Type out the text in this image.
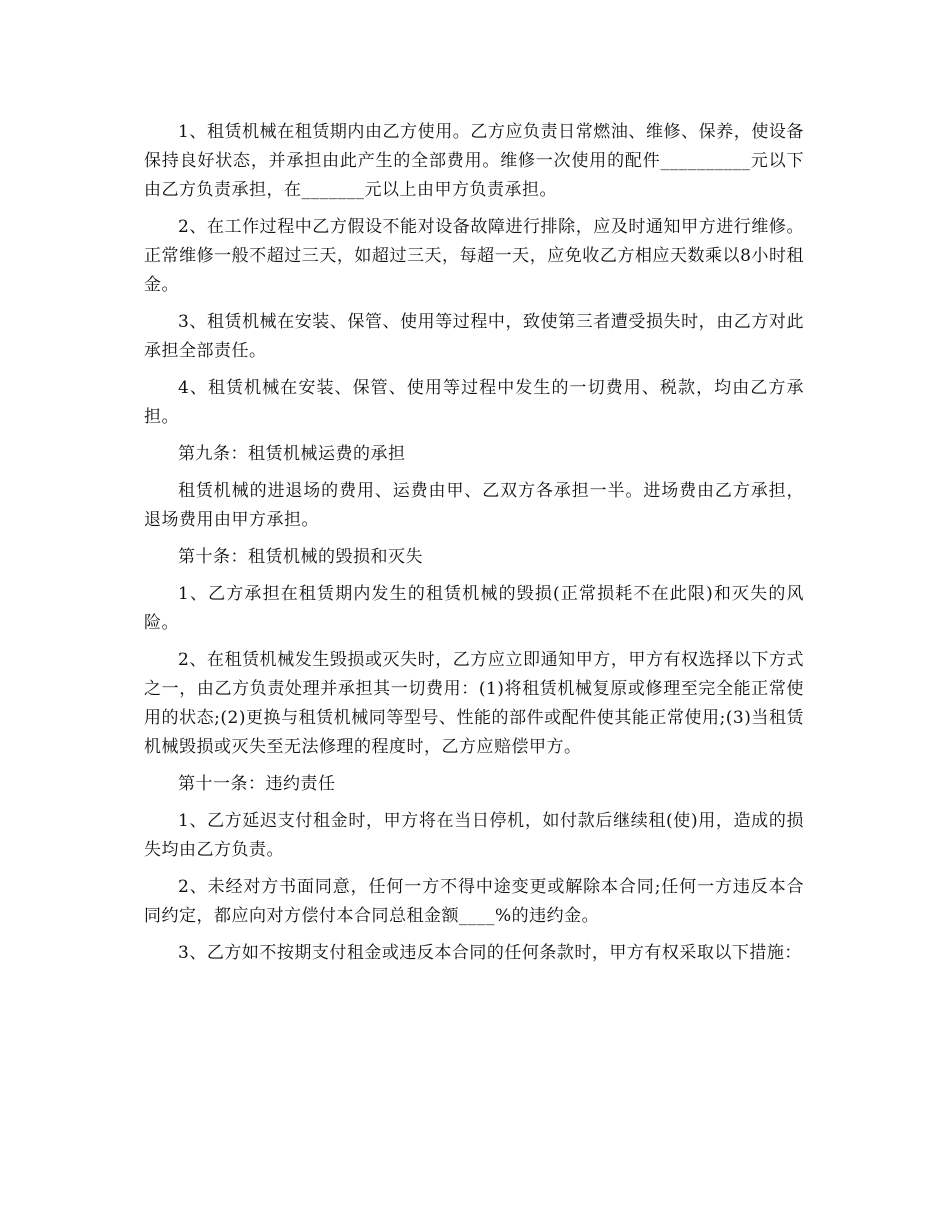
1、租赁机械在租赁期内由乙方使用。乙方应负责日常燃油、维修、保养，使设备保持良好状态，并承担由此产生的全部费用。维修一次使用的配件__________元以下由乙方负责承担，在_______元以上由甲方负责承担。

2、在工作过程中乙方假设不能对设备故障进行排除，应及时通知甲方进行维修。正常维修一般不超过三天，如超过三天，每超一天，应免收乙方相应天数乘以8小时租金。

3、租赁机械在安装、保管、使用等过程中，致使第三者遭受损失时，由乙方对此承担全部责任。

4、租赁机械在安装、保管、使用等过程中发生的一切费用、税款，均由乙方承担。

第九条：租赁机械运费的承担

租赁机械的进退场的费用、运费由甲、乙双方各承担一半。进场费由乙方承担，退场费用由甲方承担。

第十条：租赁机械的毁损和灭失

1、乙方承担在租赁期内发生的租赁机械的毁损(正常损耗不在此限)和灭失的风险。

2、在租赁机械发生毁损或灭失时，乙方应立即通知甲方，甲方有权选择以下方式之一，由乙方负责处理并承担其一切费用：(1)将租赁机械复原或修理至完全能正常使用的状态;(2)更换与租赁机械同等型号、性能的部件或配件使其能正常使用;(3)当租赁机械毁损或灭失至无法修理的程度时，乙方应赔偿甲方。

第十一条：违约责任

1、乙方延迟支付租金时，甲方将在当日停机，如付款后继续租(使)用，造成的损失均由乙方负责。

2、未经对方书面同意，任何一方不得中途变更或解除本合同;任何一方违反本合同约定，都应向对方偿付本合同总租金额____%的违约金。

3、乙方如不按期支付租金或违反本合同的任何条款时，甲方有权采取以下措施：
